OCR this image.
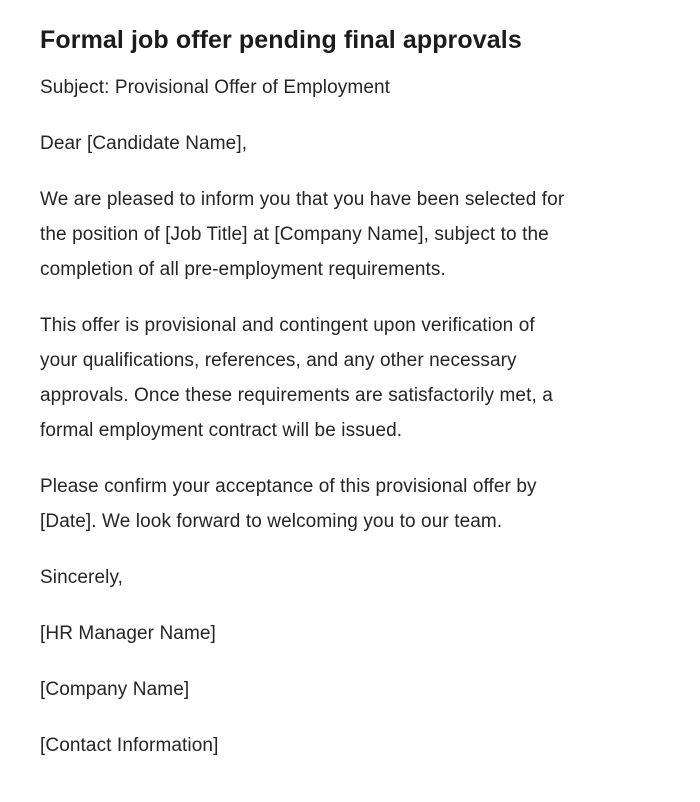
Formal job offer pending final approvals

Subject: Provisional Offer of Employment

Dear [Candidate Name],

We are pleased to inform you that you have been selected for
the position of [Job Title] at [Company Name], subject to the
completion of all pre-employment requirements.

This offer is provisional and contingent upon verification of
your qualifications, references, and any other necessary
approvals. Once these requirements are satisfactorily met, a
formal employment contract will be issued.

Please confirm your acceptance of this provisional offer by
[Date]. We look forward to welcoming you to our team.

Sincerely,

[HR Manager Name]

[Company Name]

[Contact Information]
